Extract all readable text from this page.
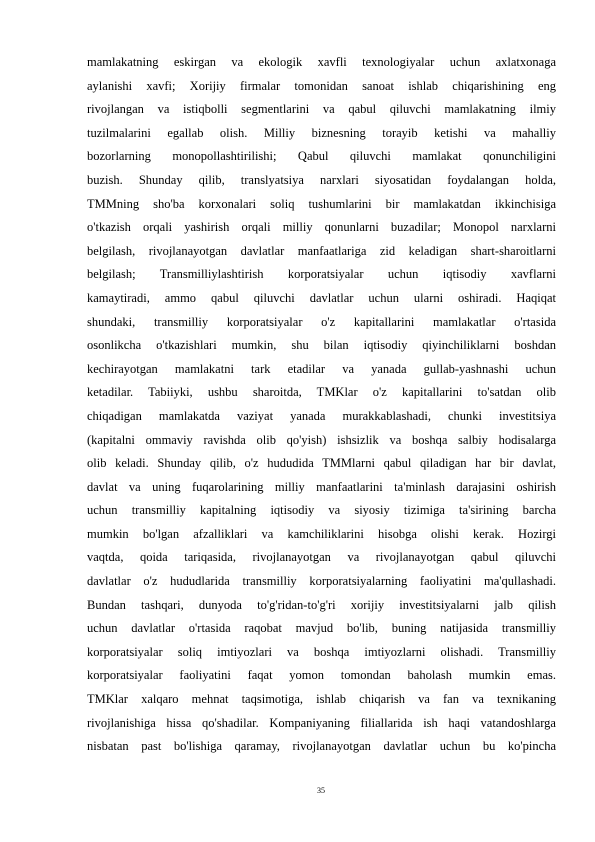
mamlakatning eskirgan va ekologik xavfli texnologiyalar uchun axlatxonaga
aylanishi xavfi; Xorijiy firmalar tomonidan sanoat ishlab chiqarishining eng
rivojlangan va istiqbolli segmentlarini va qabul qiluvchi mamlakatning ilmiy
tuzilmalarini egallab olish. Milliy biznesning torayib ketishi va mahalliy
bozorlarning monopollashtirilishi; Qabul qiluvchi mamlakat qonunchiligini
buzish. Shunday qilib, translyatsiya narxlari siyosatidan foydalangan holda,
TMMning sho'ba korxonalari soliq tushumlarini bir mamlakatdan ikkinchisiga
o'tkazish orqali yashirish orqali milliy qonunlarni buzadilar; Monopol narxlarni
belgilash, rivojlanayotgan davlatlar manfaatlariga zid keladigan shart-sharoitlarni
belgilash; Transmilliylashtirish korporatsiyalar uchun iqtisodiy xavflarni
kamaytiradi, ammo qabul qiluvchi davlatlar uchun ularni oshiradi. Haqiqat
shundaki, transmilliy korporatsiyalar o'z kapitallarini mamlakatlar o'rtasida
osonlikcha o'tkazishlari mumkin, shu bilan iqtisodiy qiyinchiliklarni boshdan
kechirayotgan mamlakatni tark etadilar va yanada gullab-yashnashi uchun
ketadilar. Tabiiyki, ushbu sharoitda, TMKlar o'z kapitallarini to'satdan olib
chiqadigan mamlakatda vaziyat yanada murakkablashadi, chunki investitsiya
(kapitalni ommaviy ravishda olib qo'yish) ishsizlik va boshqa salbiy hodisalarga
olib keladi. Shunday qilib, o'z hududida TMMlarni qabul qiladigan har bir davlat,
davlat va uning fuqarolarining milliy manfaatlarini ta'minlash darajasini oshirish
uchun transmilliy kapitalning iqtisodiy va siyosiy tizimiga ta'sirining barcha
mumkin bo'lgan afzalliklari va kamchiliklarini hisobga olishi kerak. Hozirgi
vaqtda, qoida tariqasida, rivojlanayotgan va rivojlanayotgan qabul qiluvchi
davlatlar o'z hududlarida transmilliy korporatsiyalarning faoliyatini ma'qullashadi.
Bundan tashqari, dunyoda to'g'ridan-to'g'ri xorijiy investitsiyalarni jalb qilish
uchun davlatlar o'rtasida raqobat mavjud bo'lib, buning natijasida transmilliy
korporatsiyalar soliq imtiyozlari va boshqa imtiyozlarni olishadi. Transmilliy
korporatsiyalar faoliyatini faqat yomon tomondan baholash mumkin emas.
TMKlar xalqaro mehnat taqsimotiga, ishlab chiqarish va fan va texnikaning
rivojlanishiga hissa qo'shadilar. Kompaniyaning filiallarida ish haqi vatandoshlarga
nisbatan past bo'lishiga qaramay, rivojlanayotgan davlatlar uchun bu ko'pincha
35
